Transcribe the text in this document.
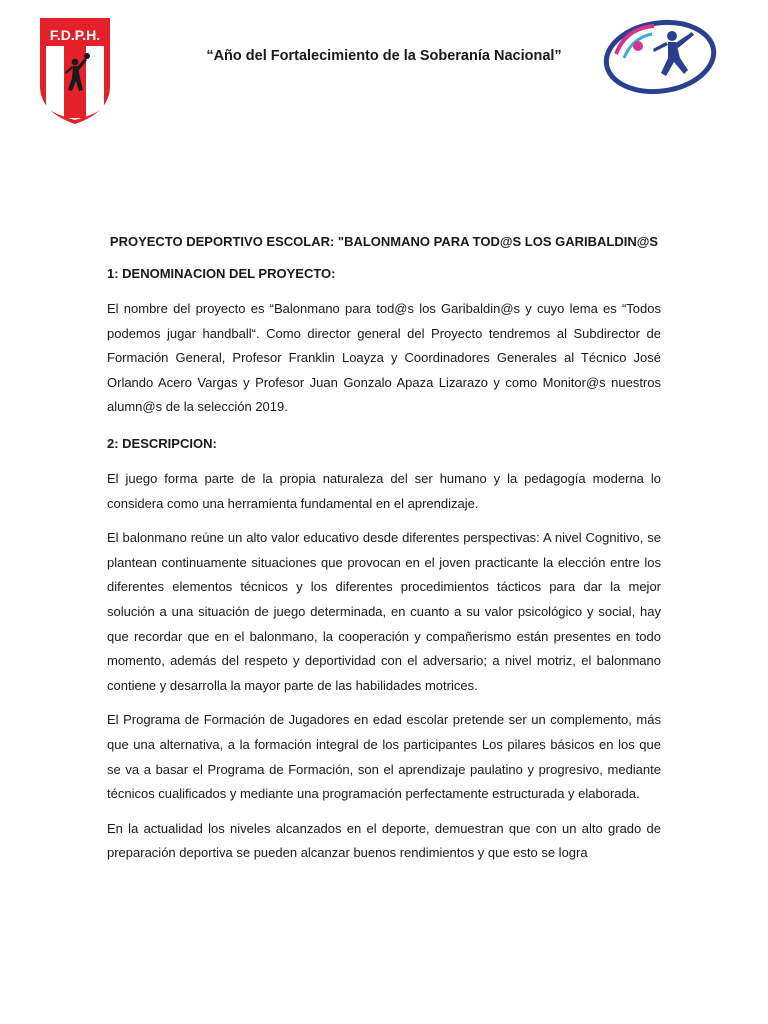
F.D.P.H.

“Año del Fortalecimiento de la Soberanía Nacional”

PROYECTO DEPORTIVO ESCOLAR: "BALONMANO PARA TOD@S LOS GARIBALDIN@S

1: DENOMINACION DEL PROYECTO:

El nombre del proyecto es “Balonmano para tod@s los Garibaldin@s y cuyo lema es “Todos podemos jugar handball“. Como director general del Proyecto tendremos al Subdirector de Formación General, Profesor Franklin Loayza y Coordinadores Generales al Técnico José Orlando Acero Vargas y Profesor Juan Gonzalo Apaza Lizarazo y como Monitor@s nuestros alumn@s de la selección 2019.

2: DESCRIPCION:

El juego forma parte de la propia naturaleza del ser humano y la pedagogía moderna lo considera como una herramienta fundamental en el aprendizaje.

El balonmano reúne un alto valor educativo desde diferentes perspectivas: A nivel Cognitivo, se plantean continuamente situaciones que provocan en el joven practicante la elección entre los diferentes elementos técnicos y los diferentes procedimientos tácticos para dar la mejor solución a una situación de juego determinada, en cuanto a su valor psicológico y social, hay que recordar que en el balonmano, la cooperación y compañerismo están presentes en todo momento, además del respeto y deportividad con el adversario; a nivel motriz, el balonmano contiene y desarrolla la mayor parte de las habilidades motrices.

El Programa de Formación de Jugadores en edad escolar pretende ser un complemento, más que una alternativa, a la formación integral de los participantes Los pilares básicos en los que se va a basar el Programa de Formación, son el aprendizaje paulatino y progresivo, mediante técnicos cualificados y mediante una programación perfectamente estructurada y elaborada.

En la actualidad los niveles alcanzados en el deporte, demuestran que con un alto grado de preparación deportiva se pueden alcanzar buenos rendimientos y que esto se logra
